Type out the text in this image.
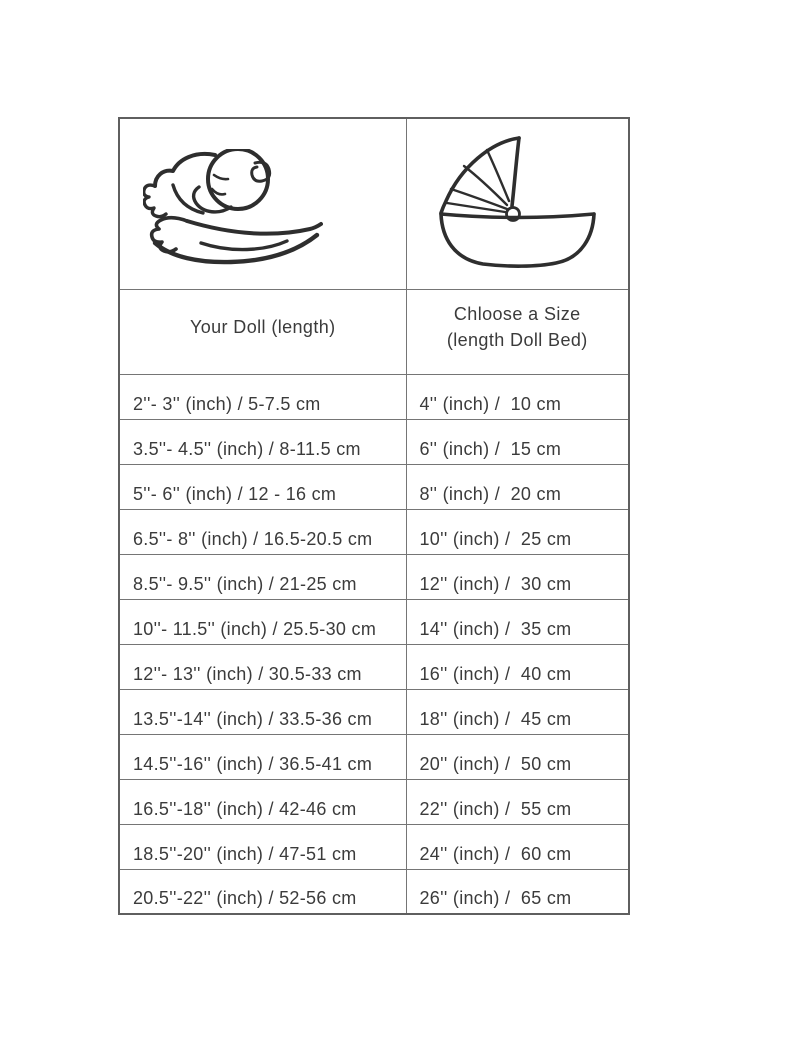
Your Doll (length)	Chloose a Size
(length Doll Bed)

2''- 3'' (inch) / 5-7.5 cm	4'' (inch) /  10 cm
3.5''- 4.5'' (inch) / 8-11.5 cm	6'' (inch) /  15 cm
5''- 6'' (inch) / 12 - 16 cm	8'' (inch) /  20 cm
6.5''- 8'' (inch) / 16.5-20.5 cm	10'' (inch) /  25 cm
8.5''- 9.5'' (inch) / 21-25 cm	12'' (inch) /  30 cm
10''- 11.5'' (inch) / 25.5-30 cm	14'' (inch) /  35 cm
12''- 13'' (inch) / 30.5-33 cm	16'' (inch) /  40 cm
13.5''-14'' (inch) / 33.5-36 cm	18'' (inch) /  45 cm
14.5''-16'' (inch) / 36.5-41 cm	20'' (inch) /  50 cm
16.5''-18'' (inch) / 42-46 cm	22'' (inch) /  55 cm
18.5''-20'' (inch) / 47-51 cm	24'' (inch) /  60 cm
20.5''-22'' (inch) / 52-56 cm	26'' (inch) /  65 cm
